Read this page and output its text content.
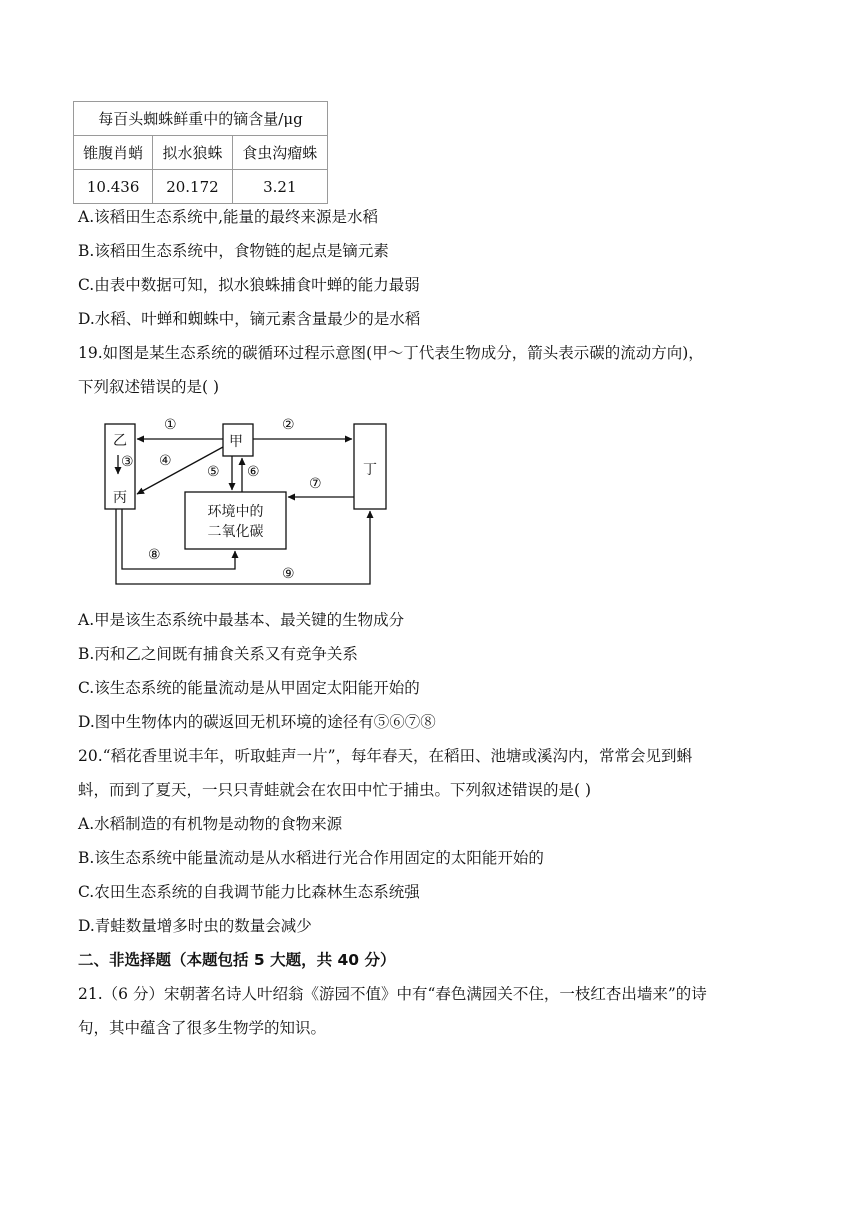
每百头蜘蛛鲜重中的镝含量/μg		
锥腹肖蛸	拟水狼蛛	食虫沟瘤蛛
10.436	20.172	3.21
A.该稻田生态系统中,能量的最终来源是水稻
B.该稻田生态系统中，食物链的起点是镝元素
C.由表中数据可知，拟水狼蛛捕食叶蝉的能力最弱
D.水稻、叶蝉和蜘蛛中，镝元素含量最少的是水稻
19.如图是某生态系统的碳循环过程示意图(甲～丁代表生物成分，箭头表示碳的流动方向)，
下列叙述错误的是( )
乙
丙
甲
丁
环境中的
二氧化碳
①	②
③ ④
⑤ ⑥
⑦
⑧
⑨
A.甲是该生态系统中最基本、最关键的生物成分
B.丙和乙之间既有捕食关系又有竞争关系
C.该生态系统的能量流动是从甲固定太阳能开始的
D.图中生物体内的碳返回无机环境的途径有⑤⑥⑦⑧
20.“稻花香里说丰年，听取蛙声一片”，每年春天，在稻田、池塘或溪沟内，常常会见到蝌
蚪，而到了夏天，一只只青蛙就会在农田中忙于捕虫。下列叙述错误的是( )
A.水稻制造的有机物是动物的食物来源
B.该生态系统中能量流动是从水稻进行光合作用固定的太阳能开始的
C.农田生态系统的自我调节能力比森林生态系统强
D.青蛙数量增多时虫的数量会减少
二、非选择题（本题包括 5 大题，共 40 分）
21.（6 分）宋朝著名诗人叶绍翁《游园不值》中有“春色满园关不住，一枝红杏出墙来”的诗
句，其中蕴含了很多生物学的知识。
